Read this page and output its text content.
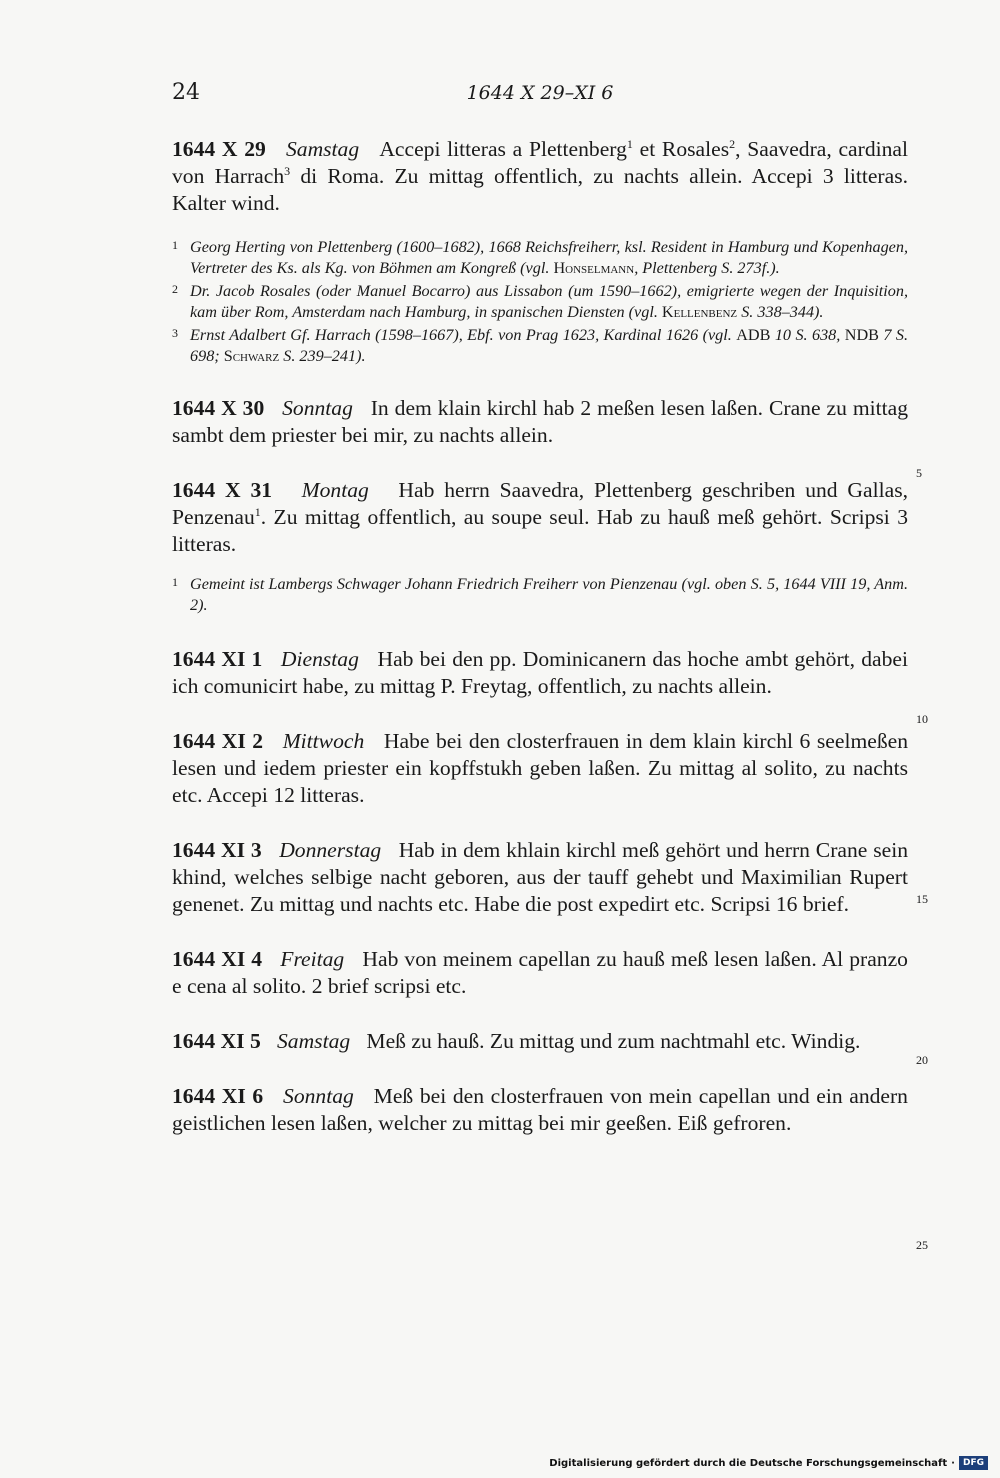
24	1644 X 29–XI 6

1644 X 29 Samstag Accepi litteras a Plettenberg$^1$ et Rosales$^2$, Saavedra, cardinal von Harrach$^3$ di Roma. Zu mittag offentlich, zu nachts allein. Accepi 3 litteras. Kalter wind.

1 Georg Herting von Plettenberg (1600–1682), 1668 Reichsfreiherr, ksl. Resident in Hamburg und Kopenhagen, Vertreter des Ks. als Kg. von Böhmen am Kongreß (vgl. Honselmann, Plettenberg S. 273f.).

2 Dr. Jacob Rosales (oder Manuel Bocarro) aus Lissabon (um 1590–1662), emigrierte wegen der Inquisition, kam über Rom, Amsterdam nach Hamburg, in spanischen Diensten (vgl. Kellenbenz S. 338–344).

3 Ernst Adalbert Gf. Harrach (1598–1667), Ebf. von Prag 1623, Kardinal 1626 (vgl. ADB 10 S. 638, NDB 7 S. 698; Schwarz S. 239–241).

1644 X 30 Sonntag In dem klain kirchl hab 2 meßen lesen laßen. Crane zu mittag sambt dem priester bei mir, zu nachts allein.

1644 X 31 Montag Hab herrn Saavedra, Plettenberg geschriben und Gallas, Penzenau$^1$. Zu mittag offentlich, au soupe seul. Hab zu hauß meß gehört. Scripsi 3 litteras.

1 Gemeint ist Lambergs Schwager Johann Friedrich Freiherr von Pienzenau (vgl. oben S. 5, 1644 VIII 19, Anm. 2).

1644 XI 1 Dienstag Hab bei den pp. Dominicanern das hoche ambt gehört, dabei ich comunicirt habe, zu mittag P. Freytag, offentlich, zu nachts allein.

1644 XI 2 Mittwoch Habe bei den closterfrauen in dem klain kirchl 6 seelmeßen lesen und iedem priester ein kopffstukh geben laßen. Zu mittag al solito, zu nachts etc. Accepi 12 litteras.

1644 XI 3 Donnerstag Hab in dem khlain kirchl meß gehört und herrn Crane sein khind, welches selbige nacht geboren, aus der tauff gehebt und Maximilian Rupert genenet. Zu mittag und nachts etc. Habe die post expedirt etc. Scripsi 16 brief.

1644 XI 4 Freitag Hab von meinem capellan zu hauß meß lesen laßen. Al pranzo e cena al solito. 2 brief scripsi etc.

1644 XI 5 Samstag Meß zu hauß. Zu mittag und zum nachtmahl etc. Windig.

1644 XI 6 Sonntag Meß bei den closterfrauen von mein capellan und ein andern geistlichen lesen laßen, welcher zu mittag bei mir geeßen. Eiß gefroren.

5
10
15
20
25
Digitalisierung gefördert durch die Deutsche Forschungsgemeinschaft · DFG
